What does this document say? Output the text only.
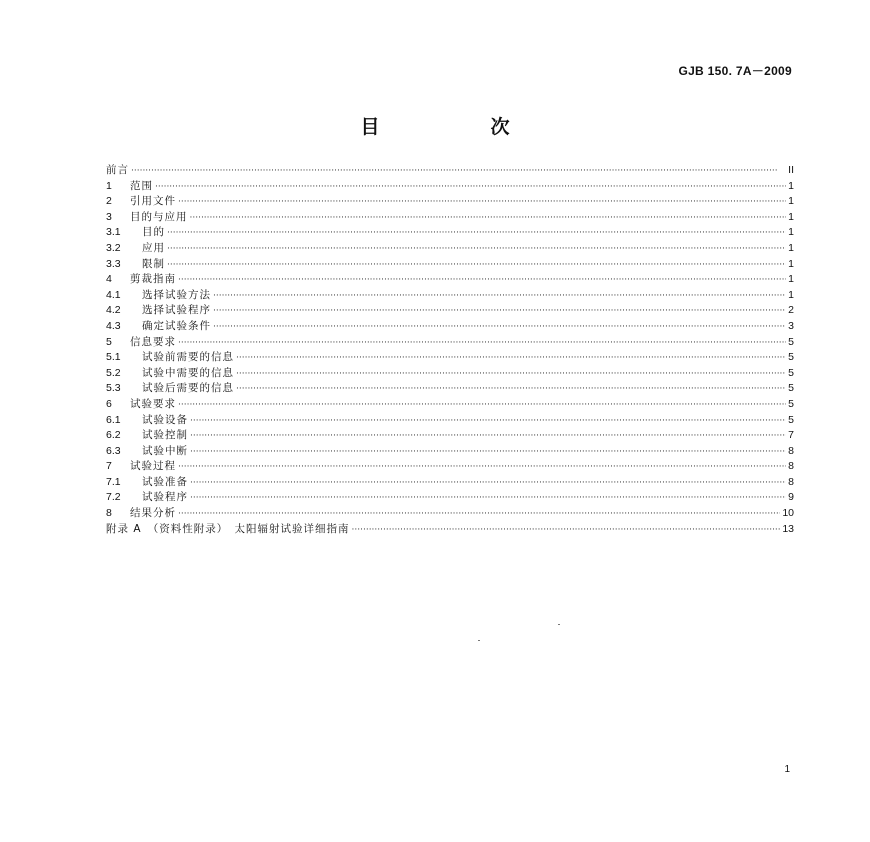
GJB 150. 7A－2009
目　次
前言 ·····	II
1	范围 ·····	1
2	引用文件 ·····	1
3	目的与应用 ·····	1
3.1	目的 ·····	1
3.2	应用 ·····	1
3.3	限制 ·····	1
4	剪裁指南 ·····	1
4.1	选择试验方法 ·····	1
4.2	选择试验程序 ·····	2
4.3	确定试验条件 ·····	3
5	信息要求 ·····	5
5.1	试验前需要的信息 ·····	5
5.2	试验中需要的信息 ·····	5
5.3	试验后需要的信息 ·····	5
6	试验要求 ·····	5
6.1	试验设备 ·····	5
6.2	试验控制 ·····	7
6.3	试验中断 ·····	8
7	试验过程 ·····	8
7.1	试验准备 ·····	8
7.2	试验程序 ·····	9
8	结果分析 ·····	10
附录 A　（资料性附录）　太阳辐射试验详细指南 ·····	13
1
